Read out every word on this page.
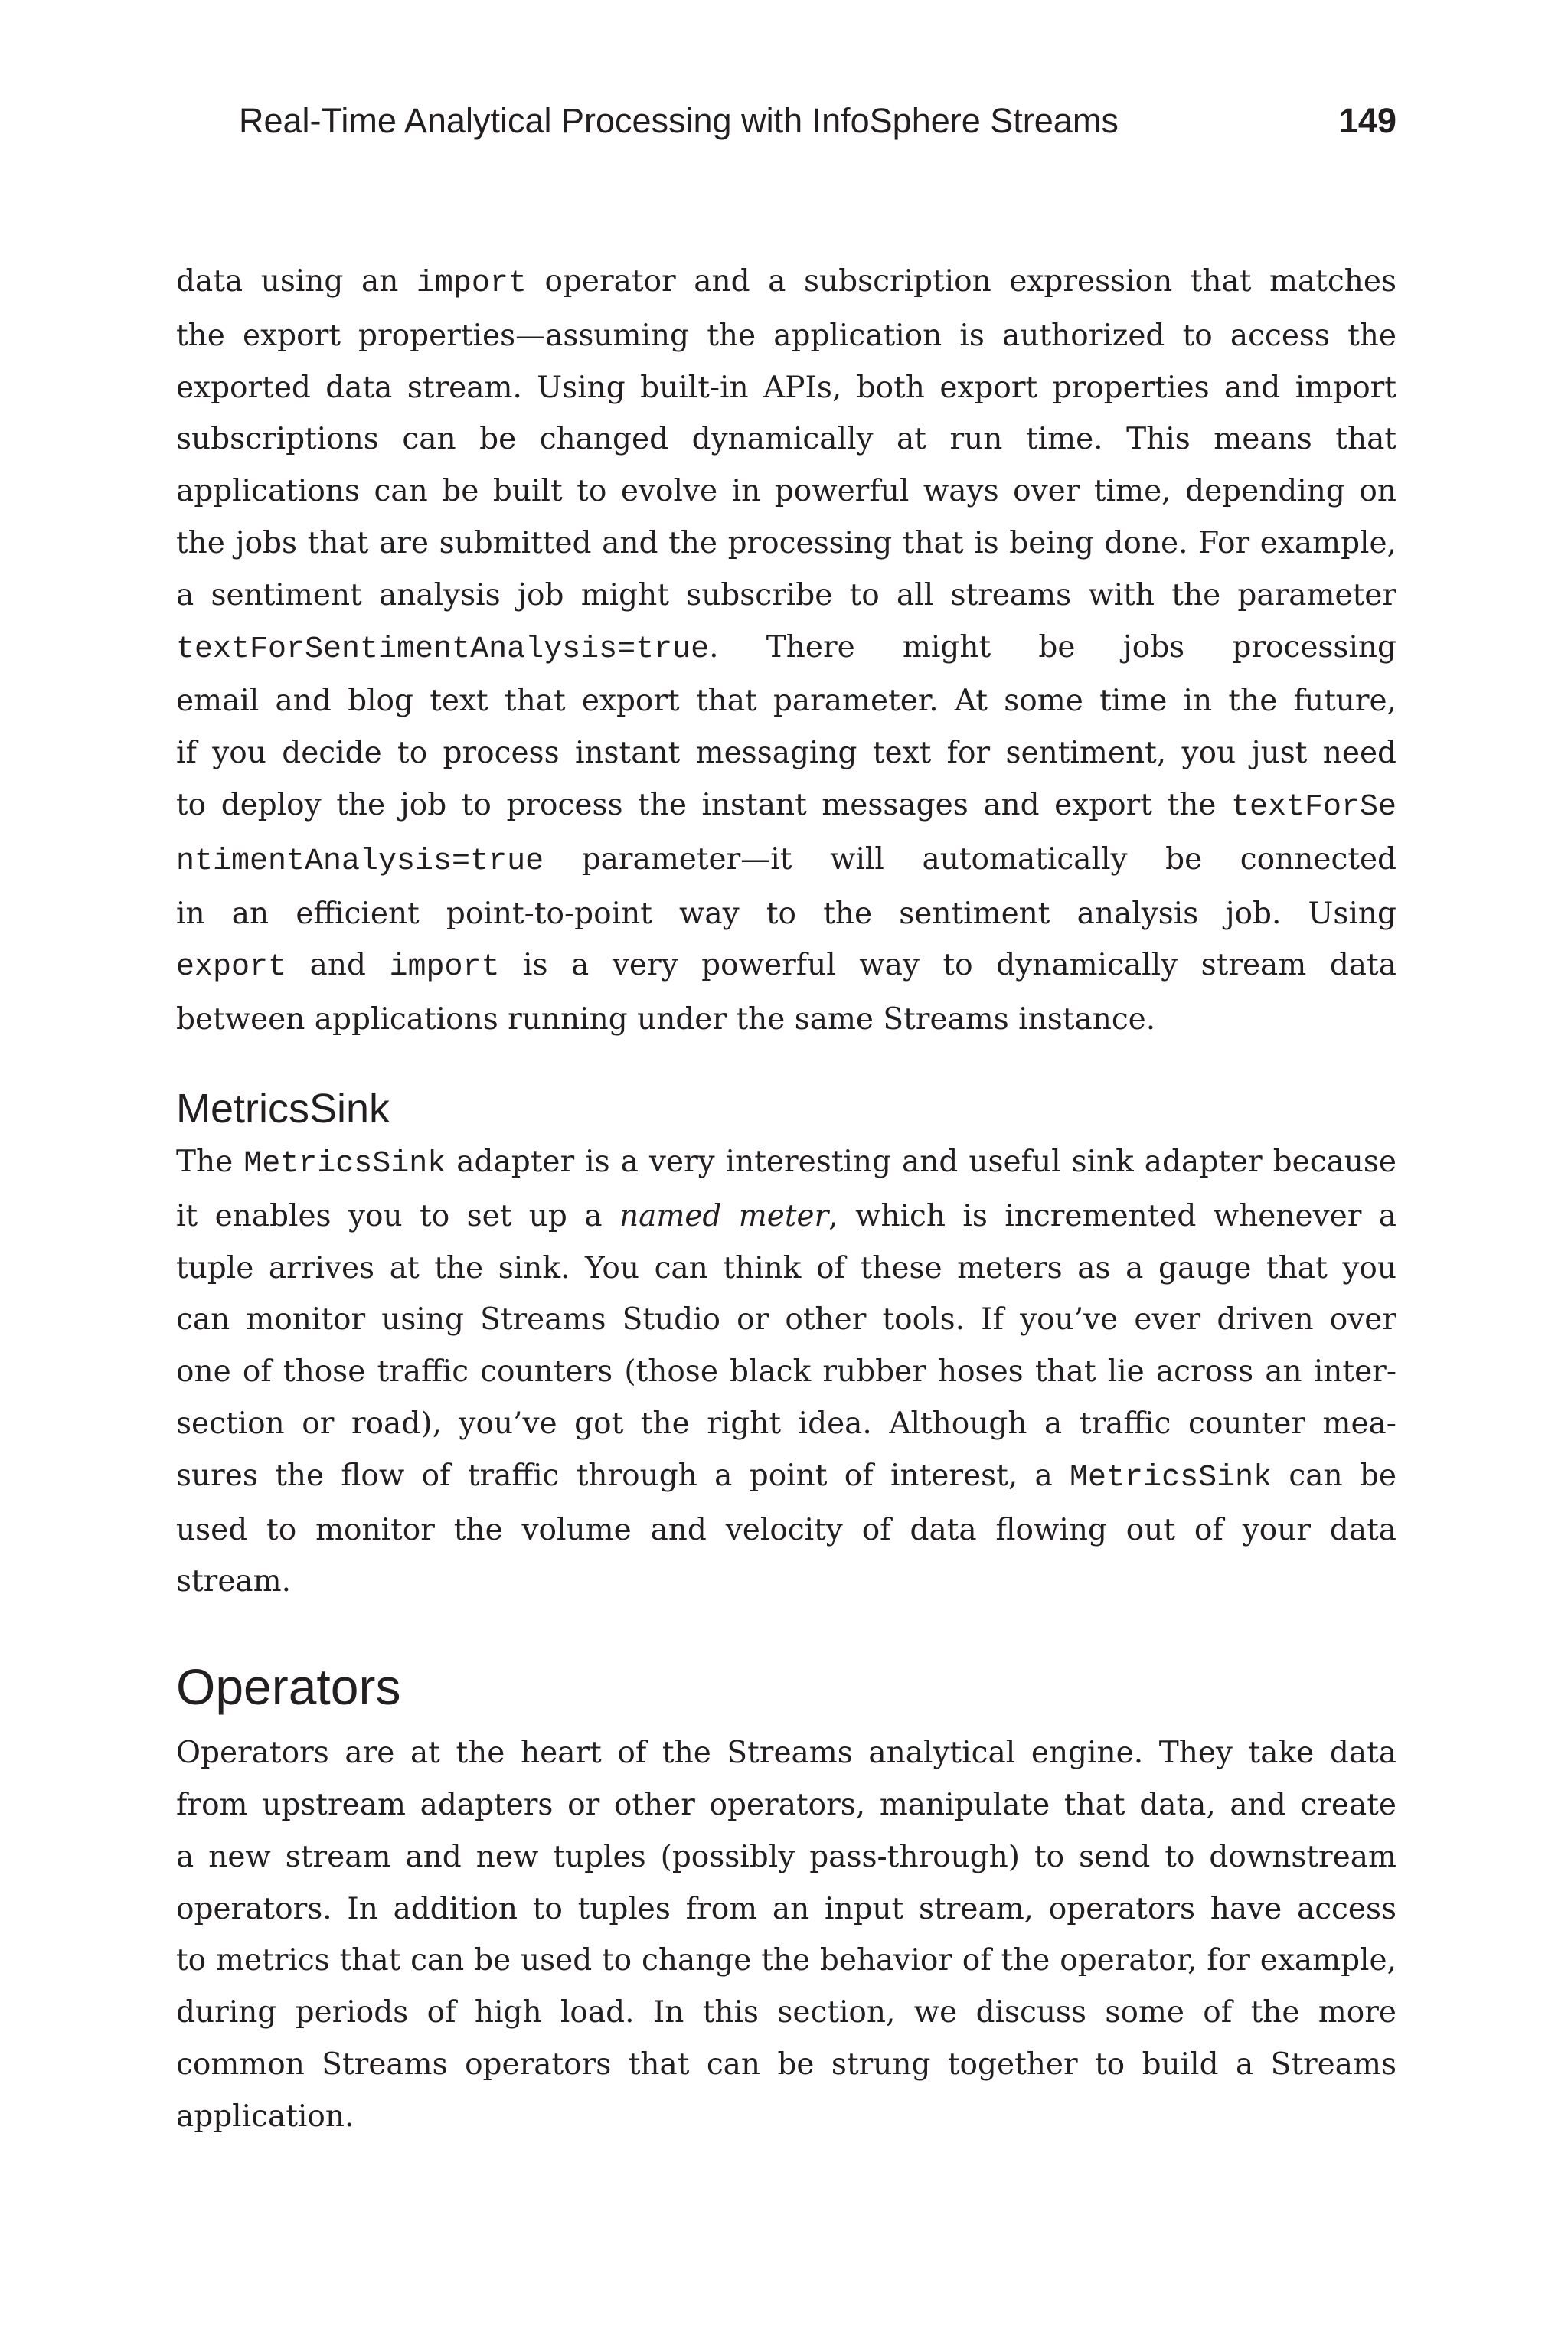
Real-Time Analytical Processing with InfoSphere Streams	149

data using an import operator and a subscription expression that matches
the export properties—assuming the application is authorized to access the
exported data stream. Using built-in APIs, both export properties and import
subscriptions can be changed dynamically at run time. This means that
applications can be built to evolve in powerful ways over time, depending on
the jobs that are submitted and the processing that is being done. For example,
a sentiment analysis job might subscribe to all streams with the parameter
textForSentimentAnalysis=true. There might be jobs processing
email and blog text that export that parameter. At some time in the future,
if you decide to process instant messaging text for sentiment, you just need
to deploy the job to process the instant messages and export the textForSe
ntimentAnalysis=true parameter—it will automatically be connected
in an efficient point-to-point way to the sentiment analysis job. Using
export and import is a very powerful way to dynamically stream data
between applications running under the same Streams instance.

MetricsSink

The MetricsSink adapter is a very interesting and useful sink adapter because
it enables you to set up a named meter, which is incremented whenever a
tuple arrives at the sink. You can think of these meters as a gauge that you
can monitor using Streams Studio or other tools. If you’ve ever driven over
one of those traffic counters (those black rubber hoses that lie across an inter-
section or road), you’ve got the right idea. Although a traffic counter mea-
sures the flow of traffic through a point of interest, a MetricsSink can be
used to monitor the volume and velocity of data flowing out of your data
stream.

Operators

Operators are at the heart of the Streams analytical engine. They take data
from upstream adapters or other operators, manipulate that data, and create
a new stream and new tuples (possibly pass-through) to send to downstream
operators. In addition to tuples from an input stream, operators have access
to metrics that can be used to change the behavior of the operator, for example,
during periods of high load. In this section, we discuss some of the more
common Streams operators that can be strung together to build a Streams
application.
